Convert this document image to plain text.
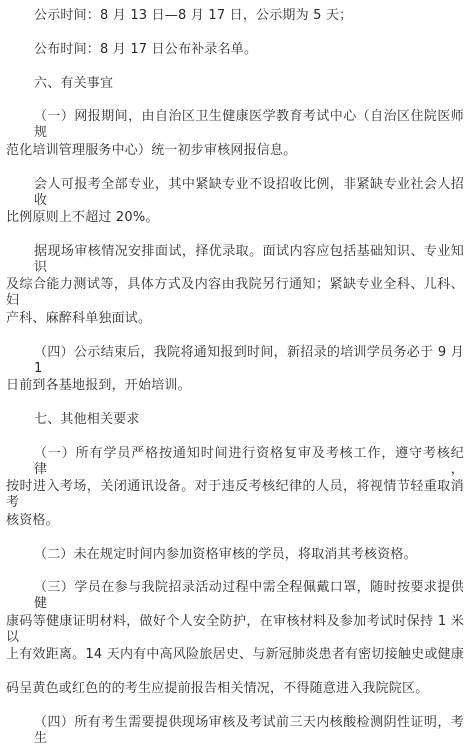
公示时间：8 月 13 日—8 月 17 日，公示期为 5 天；
公布时间：8 月 17 日公布补录名单。
六、有关事宜
（一）网报期间，由自治区卫生健康医学教育考试中心（自治区住院医师规
范化培训管理服务中心）统一初步审核网报信息。
会人可报考全部专业，其中紧缺专业不设招收比例，非紧缺专业社会人招收
比例原则上不超过 20%。
据现场审核情况安排面试，择优录取。面试内容应包括基础知识、专业知识
及综合能力测试等，具体方式及内容由我院另行通知；紧缺专业全科、儿科、妇
产科、麻醉科单独面试。
（四）公示结束后，我院将通知报到时间，新招录的培训学员务必于 9 月 1
日前到各基地报到，开始培训。
七、其他相关要求
（一）所有学员严格按通知时间进行资格复审及考核工作，遵守考核纪律，
按时进入考场，关闭通讯设备。对于违反考核纪律的人员，将视情节轻重取消考
核资格。
（二）未在规定时间内参加资格审核的学员，将取消其考核资格。
（三）学员在参与我院招录活动过程中需全程佩戴口罩，随时按要求提供健
康码等健康证明材料，做好个人安全防护，在审核材料及参加考试时保持 1 米以
上有效距离。14 天内有中高风险旅居史、与新冠肺炎患者有密切接触史或健康
码呈黄色或红色的的考生应提前报告相关情况，不得随意进入我院院区。
（四）所有考生需要提供现场审核及考试前三天内核酸检测阴性证明，考生
